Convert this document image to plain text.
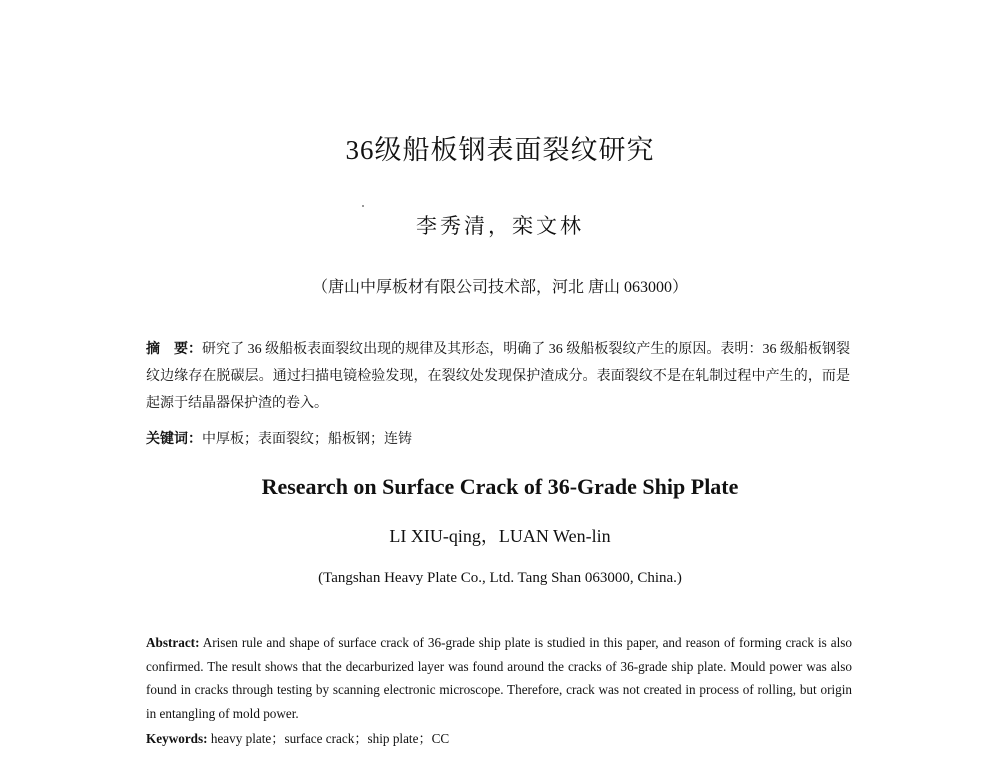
36级船板钢表面裂纹研究
李秀清，栾文林
（唐山中厚板材有限公司技术部，河北 唐山 063000）
摘　要：研究了 36 级船板表面裂纹出现的规律及其形态，明确了 36 级船板裂纹产生的原因。表明：36 级船板钢裂纹边缘存在脱碳层。通过扫描电镜检验发现，在裂纹处发现保护渣成分。表面裂纹不是在轧制过程中产生的，而是起源于结晶器保护渣的卷入。
关键词：中厚板；表面裂纹；船板钢；连铸
Research on Surface Crack of 36-Grade Ship Plate
LI XIU-qing，LUAN Wen-lin
(Tangshan Heavy Plate Co., Ltd. Tang Shan 063000, China.)
Abstract: Arisen rule and shape of surface crack of 36-grade ship plate is studied in this paper, and reason of forming crack is also confirmed. The result shows that the decarburized layer was found around the cracks of 36-grade ship plate. Mould power was also found in cracks through testing by scanning electronic microscope. Therefore, crack was not created in process of rolling, but origin in entangling of mold power.
Keywords: heavy plate；surface crack；ship plate；CC
